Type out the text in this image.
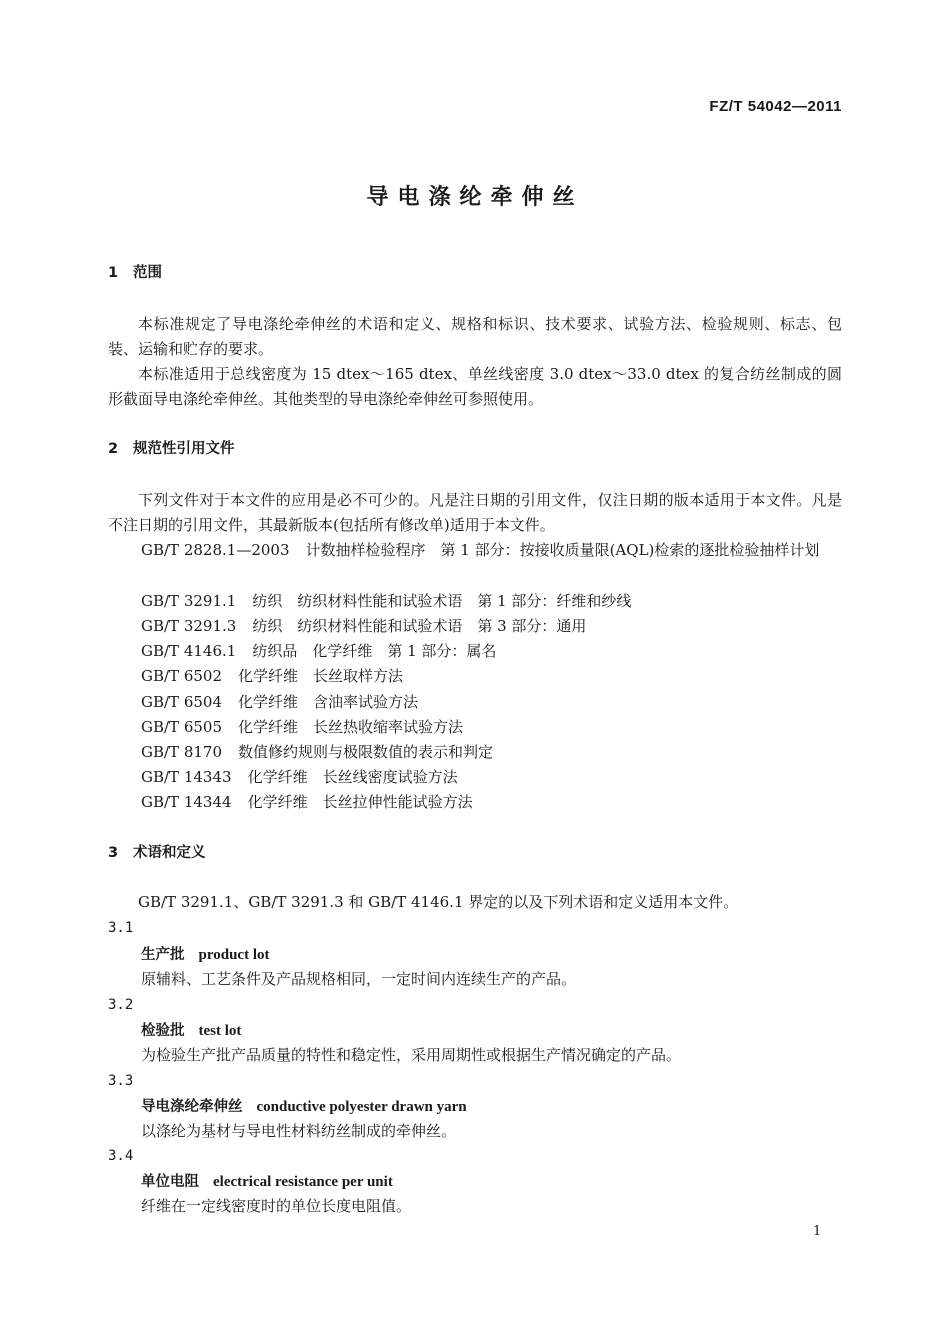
FZ/T 54042—2011
导电涤纶牵伸丝
1 范围
本标准规定了导电涤纶牵伸丝的术语和定义、规格和标识、技术要求、试验方法、检验规则、标志、包装、运输和贮存的要求。
本标准适用于总线密度为 15 dtex～165 dtex、单丝线密度 3.0 dtex～33.0 dtex 的复合纺丝制成的圆形截面导电涤纶牵伸丝。其他类型的导电涤纶牵伸丝可参照使用。
2 规范性引用文件
下列文件对于本文件的应用是必不可少的。凡是注日期的引用文件，仅注日期的版本适用于本文件。凡是不注日期的引用文件，其最新版本(包括所有修改单)适用于本文件。
GB/T 2828.1—2003 计数抽样检验程序　第 1 部分：按接收质量限(AQL)检索的逐批检验抽样计划
GB/T 3291.1 纺织　纺织材料性能和试验术语　第 1 部分：纤维和纱线
GB/T 3291.3 纺织　纺织材料性能和试验术语　第 3 部分：通用
GB/T 4146.1 纺织品　化学纤维　第 1 部分：属名
GB/T 6502 化学纤维　长丝取样方法
GB/T 6504 化学纤维　含油率试验方法
GB/T 6505 化学纤维　长丝热收缩率试验方法
GB/T 8170 数值修约规则与极限数值的表示和判定
GB/T 14343 化学纤维　长丝线密度试验方法
GB/T 14344 化学纤维　长丝拉伸性能试验方法
3 术语和定义
GB/T 3291.1、GB/T 3291.3 和 GB/T 4146.1 界定的以及下列术语和定义适用本文件。
3.1
生产批 product lot
原辅料、工艺条件及产品规格相同，一定时间内连续生产的产品。
3.2
检验批 test lot
为检验生产批产品质量的特性和稳定性，采用周期性或根据生产情况确定的产品。
3.3
导电涤纶牵伸丝 conductive polyester drawn yarn
以涤纶为基材与导电性材料纺丝制成的牵伸丝。
3.4
单位电阻 electrical resistance per unit
纤维在一定线密度时的单位长度电阻值。
1
